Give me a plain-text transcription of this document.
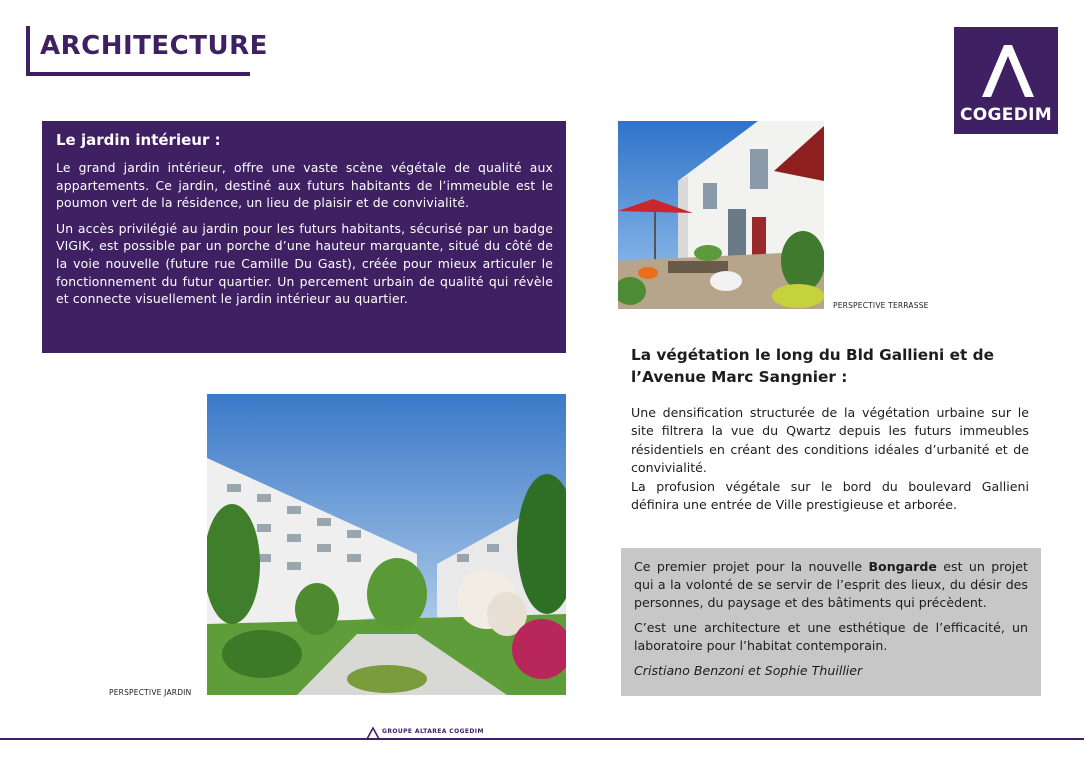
ARCHITECTURE
COGEDIM
Le jardin intérieur :

Le grand jardin intérieur, offre une vaste scène végétale de qualité aux appartements. Ce jardin, destiné aux futurs habitants de l’immeuble est le poumon vert de la résidence, un lieu de plaisir et de convivialité.

Un accès privilégié au jardin pour les futurs habitants, sécurisé par un badge VIGIK, est possible par un porche d’une hauteur marquante, situé du côté de la voie nouvelle (future rue Camille Du Gast), créée pour mieux articuler le fonctionnement du futur quartier. Un percement urbain de qualité qui révèle et connecte visuellement le jardin intérieur au quartier.	PERSPECTIVE TERRASSE
PERSPECTIVE JARDIN
La végétation le long du Bld Gallieni et de l’Avenue Marc Sangnier :

Une densification structurée de la végétation urbaine sur le site filtrera la vue du Qwartz depuis les futurs immeubles résidentiels en créant des conditions idéales d’urbanité et de convivialité.

La profusion végétale sur le bord du boulevard Gallieni définira une entrée de Ville prestigieuse et arborée.

Ce premier projet pour la nouvelle Bongarde est un projet qui a la volonté de se servir de l’esprit des lieux, du désir des personnes, du paysage et des bâtiments qui précèdent.

C’est une architecture et une esthétique de l’efficacité, un laboratoire pour l’habitat contemporain.

Cristiano Benzoni et Sophie Thuillier

GROUPE ALTAREA COGEDIM
